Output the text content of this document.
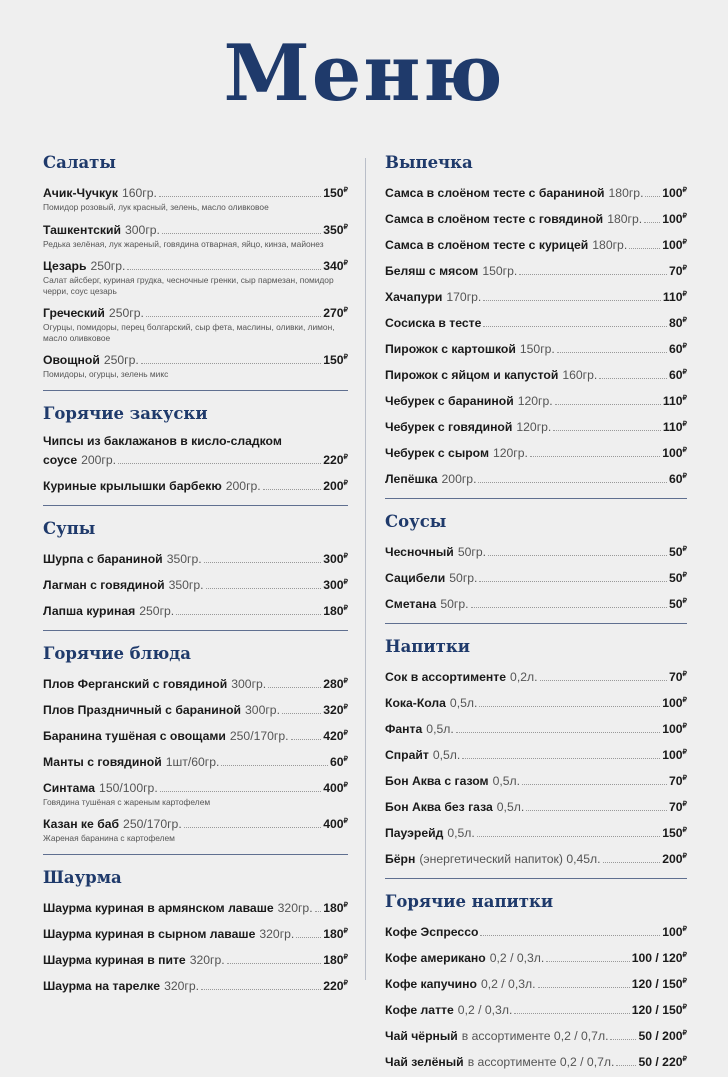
Меню
Салаты
Ачик-Чучкук 160гр.	150₽
Помидор розовый, лук красный, зелень, масло оливковое
Ташкентский 300гр.	350₽
Редька зелёная, лук жареный, говядина отварная, яйцо, кинза, майонез
Цезарь 250гр.	340₽
Салат айсберг, куриная грудка, чесночные гренки, сыр пармезан, помидор черри, соус цезарь
Греческий 250гр.	270₽
Огурцы, помидоры, перец болгарский, сыр фета, маслины, оливки, лимон, масло оливковое
Овощной 250гр.	150₽
Помидоры, огурцы, зелень микс
Горячие закуски
Чипсы из баклажанов в кисло-сладком
соусе 200гр.	220₽
Куриные крылышки барбекю 200гр.	200₽
Супы
Шурпа с бараниной 350гр.	300₽
Лагман с говядиной 350гр.	300₽
Лапша куриная 250гр.	180₽
Горячие блюда
Плов Ферганский с говядиной 300гр.	280₽
Плов Праздничный с бараниной 300гр.	320₽
Баранина тушёная с овощами 250/170гр.	420₽
Манты с говядиной 1шт/60гр.	60₽
Синтама 150/100гр.	400₽
Говядина тушёная с жареным картофелем
Казан ке баб 250/170гр.	400₽
Жареная баранина с картофелем
Шаурма
Шаурма куриная в армянском лаваше 320гр. 180₽
Шаурма куриная в сырном лаваше 320гр. 180₽
Шаурма куриная в пите 320гр.	180₽
Шаурма на тарелке 320гр.	220₽
Выпечка
Самса в слоёном тесте с бараниной 180гр. 100₽
Самса в слоёном тесте с говядиной 180гр. 100₽
Самса в слоёном тесте с курицей 180гр.	100₽
Беляш с мясом 150гр.	70₽
Хачапури 170гр.	110₽
Сосиска в тесте	80₽
Пирожок с картошкой 150гр.	60₽
Пирожок с яйцом и капустой 160гр.	60₽
Чебурек с бараниной 120гр.	110₽
Чебурек с говядиной 120гр.	110₽
Чебурек с сыром 120гр.	100₽
Лепёшка 200гр.	60₽
Соусы
Чесночный 50гр.	50₽
Сацибели 50гр.	50₽
Сметана 50гр.	50₽
Напитки
Сок в ассортименте 0,2л.	70₽
Кока-Кола 0,5л.	100₽
Фанта 0,5л.	100₽
Спрайт 0,5л.	100₽
Бон Аква с газом 0,5л.	70₽
Бон Аква без газа 0,5л.	70₽
Пауэрейд 0,5л.	150₽
Бёрн (энергетический напиток) 0,45л.	200₽
Горячие напитки
Кофе Эспрессо	100₽
Кофе американо 0,2 / 0,3л.	100 / 120₽
Кофе капучино 0,2 / 0,3л.	120 / 150₽
Кофе латте 0,2 / 0,3л.	120 / 150₽
Чай чёрный в ассортименте 0,2 / 0,7л. 50 / 200₽
Чай зелёный в ассортименте 0,2 / 0,7л. 50 / 220₽
